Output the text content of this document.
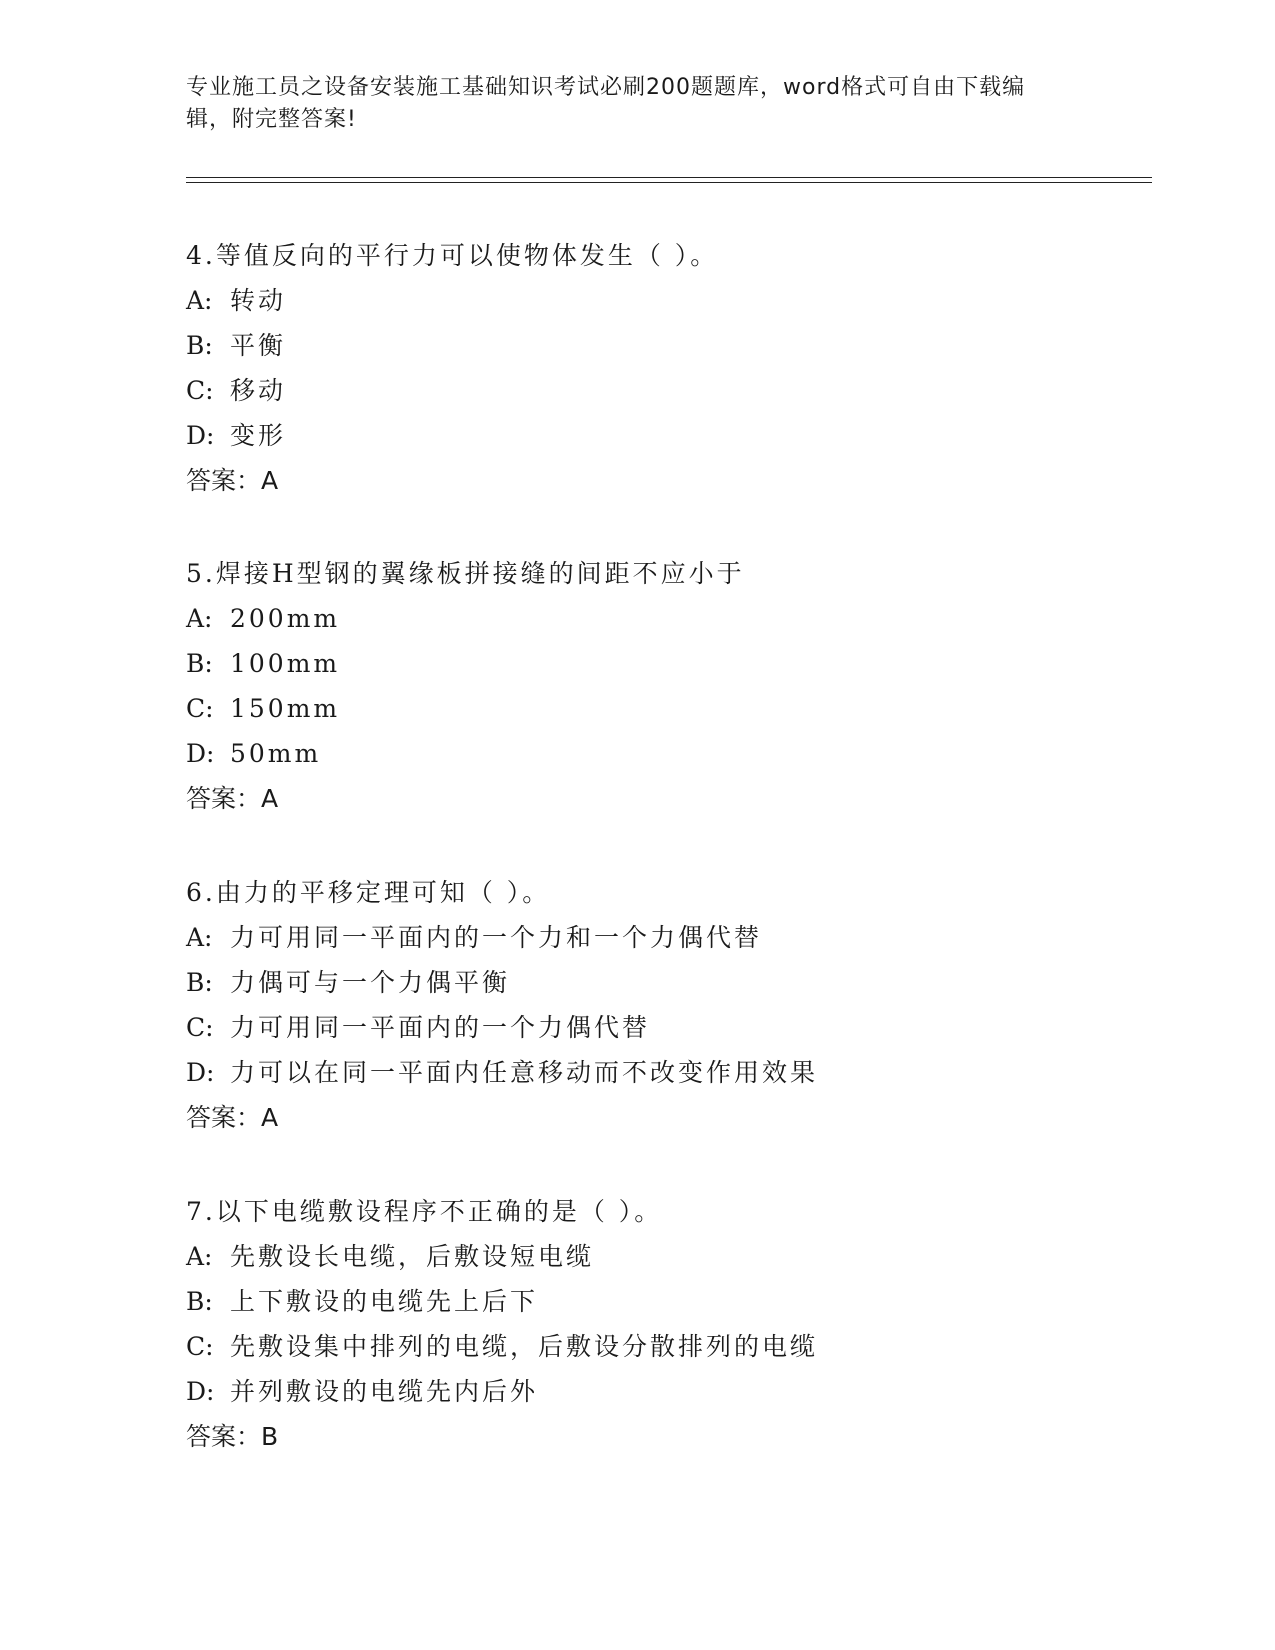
专业施工员之设备安装施工基础知识考试必刷200题题库，word格式可自由下载编辑，附完整答案!
4.等值反向的平行力可以使物体发生（ ）。
A: 转动
B: 平衡
C: 移动
D: 变形
答案：A
5.焊接H型钢的翼缘板拼接缝的间距不应小于
A: 200mm
B: 100mm
C: 150mm
D: 50mm
答案：A
6.由力的平移定理可知（ ）。
A: 力可用同一平面内的一个力和一个力偶代替
B: 力偶可与一个力偶平衡
C: 力可用同一平面内的一个力偶代替
D: 力可以在同一平面内任意移动而不改变作用效果
答案：A
7.以下电缆敷设程序不正确的是（ ）。
A: 先敷设长电缆，后敷设短电缆
B: 上下敷设的电缆先上后下
C: 先敷设集中排列的电缆，后敷设分散排列的电缆
D: 并列敷设的电缆先内后外
答案：B
